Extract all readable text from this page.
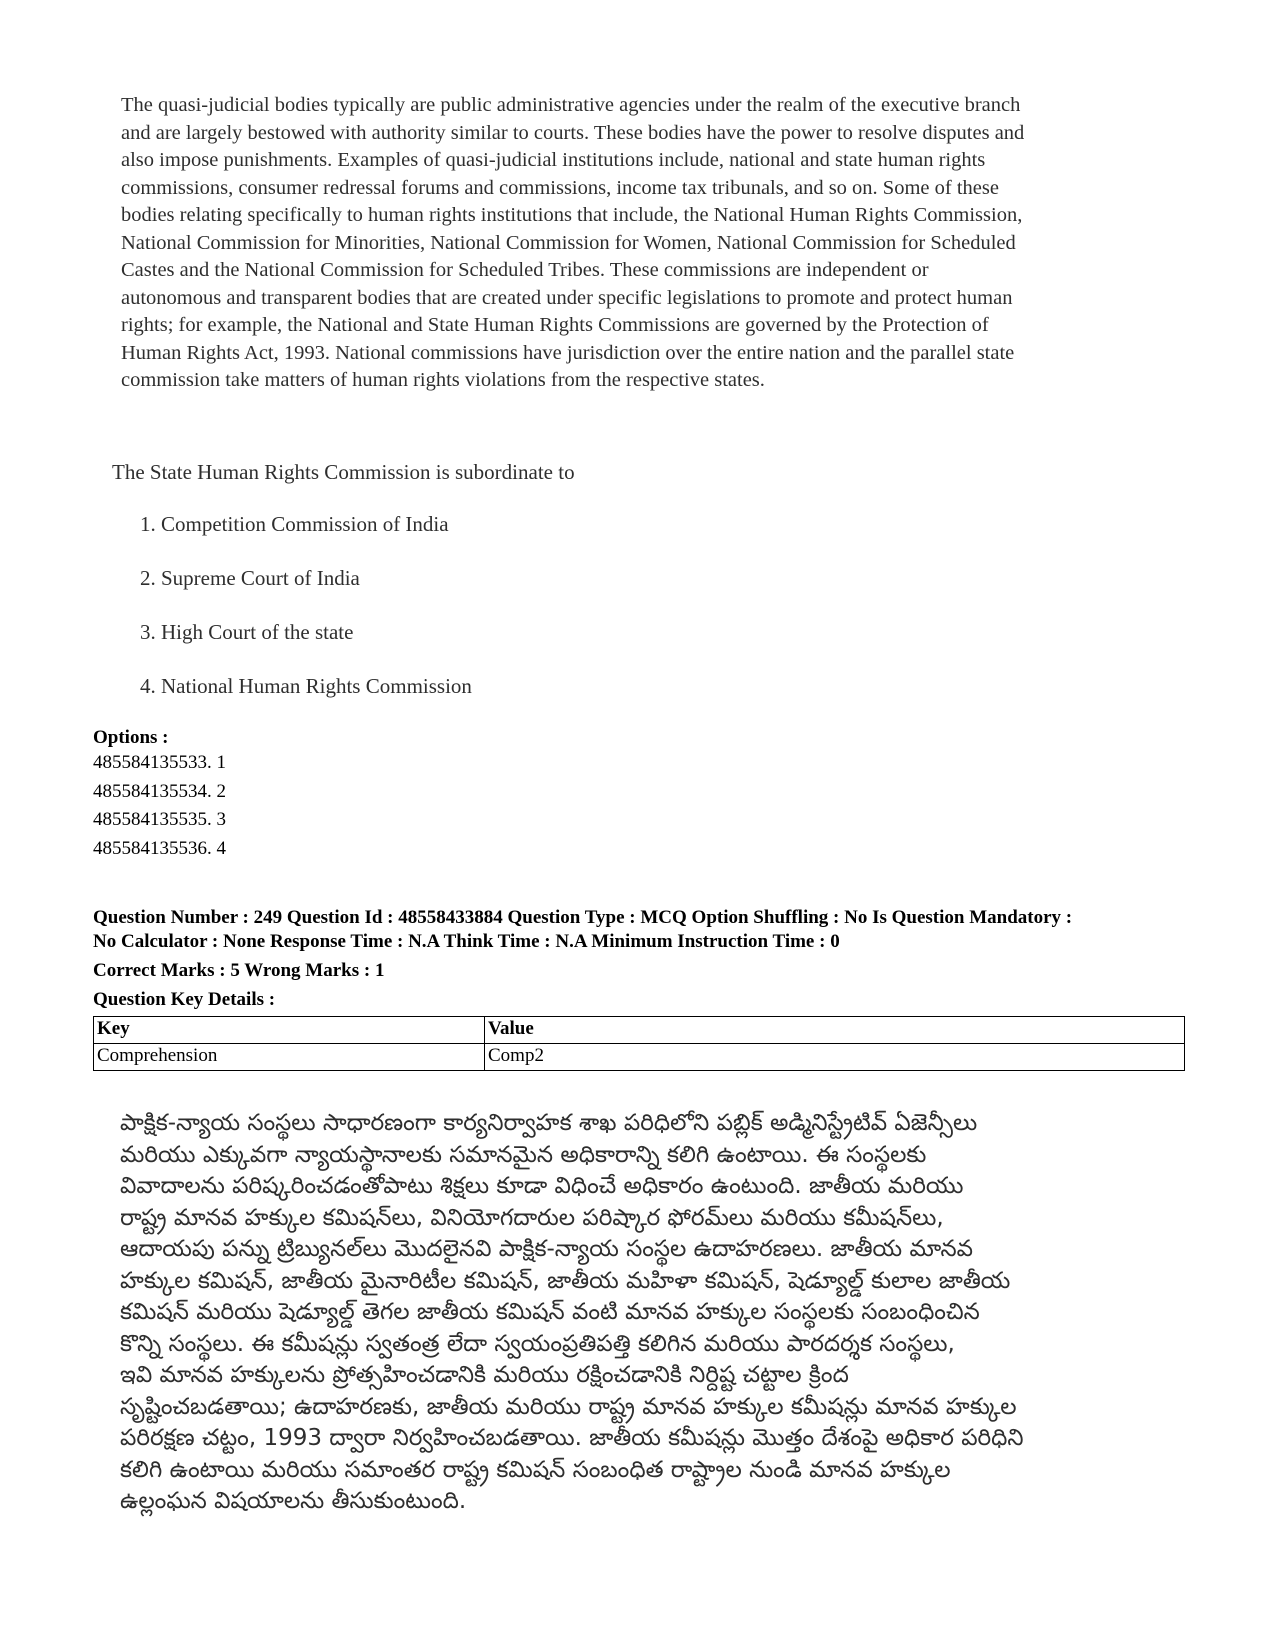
The quasi-judicial bodies typically are public administrative agencies under the realm of the executive branch
and are largely bestowed with authority similar to courts. These bodies have the power to resolve disputes and
also impose punishments. Examples of quasi-judicial institutions include, national and state human rights
commissions, consumer redressal forums and commissions, income tax tribunals, and so on. Some of these
bodies relating specifically to human rights institutions that include, the National Human Rights Commission,
National Commission for Minorities, National Commission for Women, National Commission for Scheduled
Castes and the National Commission for Scheduled Tribes. These commissions are independent or
autonomous and transparent bodies that are created under specific legislations to promote and protect human
rights; for example, the National and State Human Rights Commissions are governed by the Protection of
Human Rights Act, 1993. National commissions have jurisdiction over the entire nation and the parallel state
commission take matters of human rights violations from the respective states.
The State Human Rights Commission is subordinate to
1. Competition Commission of India
2. Supreme Court of India
3. High Court of the state
4. National Human Rights Commission
Options :
485584135533. 1
485584135534. 2
485584135535. 3
485584135536. 4
Question Number : 249 Question Id : 48558433884 Question Type : MCQ Option Shuffling : No Is Question Mandatory :
No Calculator : None Response Time : N.A Think Time : N.A Minimum Instruction Time : 0
Correct Marks : 5 Wrong Marks : 1
Question Key Details :
Key	Value
Comprehension	Comp2

పాక్షిక-న్యాయ సంస్థలు సాధారణంగా కార్యనిర్వాహక శాఖ పరిధిలోని పబ్లిక్ అడ్మినిస్ట్రేటివ్ ఏజెన్సీలు

మరియు ఎక్కువగా న్యాయస్థానాలకు సమానమైన అధికారాన్ని కలిగి ఉంటాయి. ఈ సంస్థలకు

వివాదాలను పరిష్కరించడంతోపాటు శిక్షలు కూడా విధించే అధికారం ఉంటుంది. జాతీయ మరియు

రాష్ట్ర మానవ హక్కుల కమిషన్‌లు, వినియోగదారుల పరిష్కార ఫోరమ్‌లు మరియు కమీషన్‌లు,

ఆదాయపు పన్ను ట్రిబ్యునల్‌లు మొదలైనవి పాక్షిక-న్యాయ సంస్థల ఉదాహరణలు. జాతీయ మానవ

హక్కుల కమిషన్, జాతీయ మైనారిటీల కమిషన్, జాతీయ మహిళా కమిషన్, షెడ్యూల్డ్ కులాల జాతీయ

కమిషన్ మరియు షెడ్యూల్డ్ తెగల జాతీయ కమిషన్ వంటి మానవ హక్కుల సంస్థలకు సంబంధించిన

కొన్ని సంస్థలు. ఈ కమీషన్లు స్వతంత్ర లేదా స్వయంప్రతిపత్తి కలిగిన మరియు పారదర్శక సంస్థలు,

ఇవి మానవ హక్కులను ప్రోత్సహించడానికి మరియు రక్షించడానికి నిర్దిష్ట చట్టాల క్రింద

సృష్టించబడతాయి; ఉదాహరణకు, జాతీయ మరియు రాష్ట్ర మానవ హక్కుల కమీషన్లు మానవ హక్కుల

పరిరక్షణ చట్టం, 1993 ద్వారా నిర్వహించబడతాయి. జాతీయ కమీషన్లు మొత్తం దేశంపై అధికార పరిధిని

కలిగి ఉంటాయి మరియు సమాంతర రాష్ట్ర కమిషన్ సంబంధిత రాష్ట్రాల నుండి మానవ హక్కుల

ఉల్లంఘన విషయాలను తీసుకుంటుంది.
